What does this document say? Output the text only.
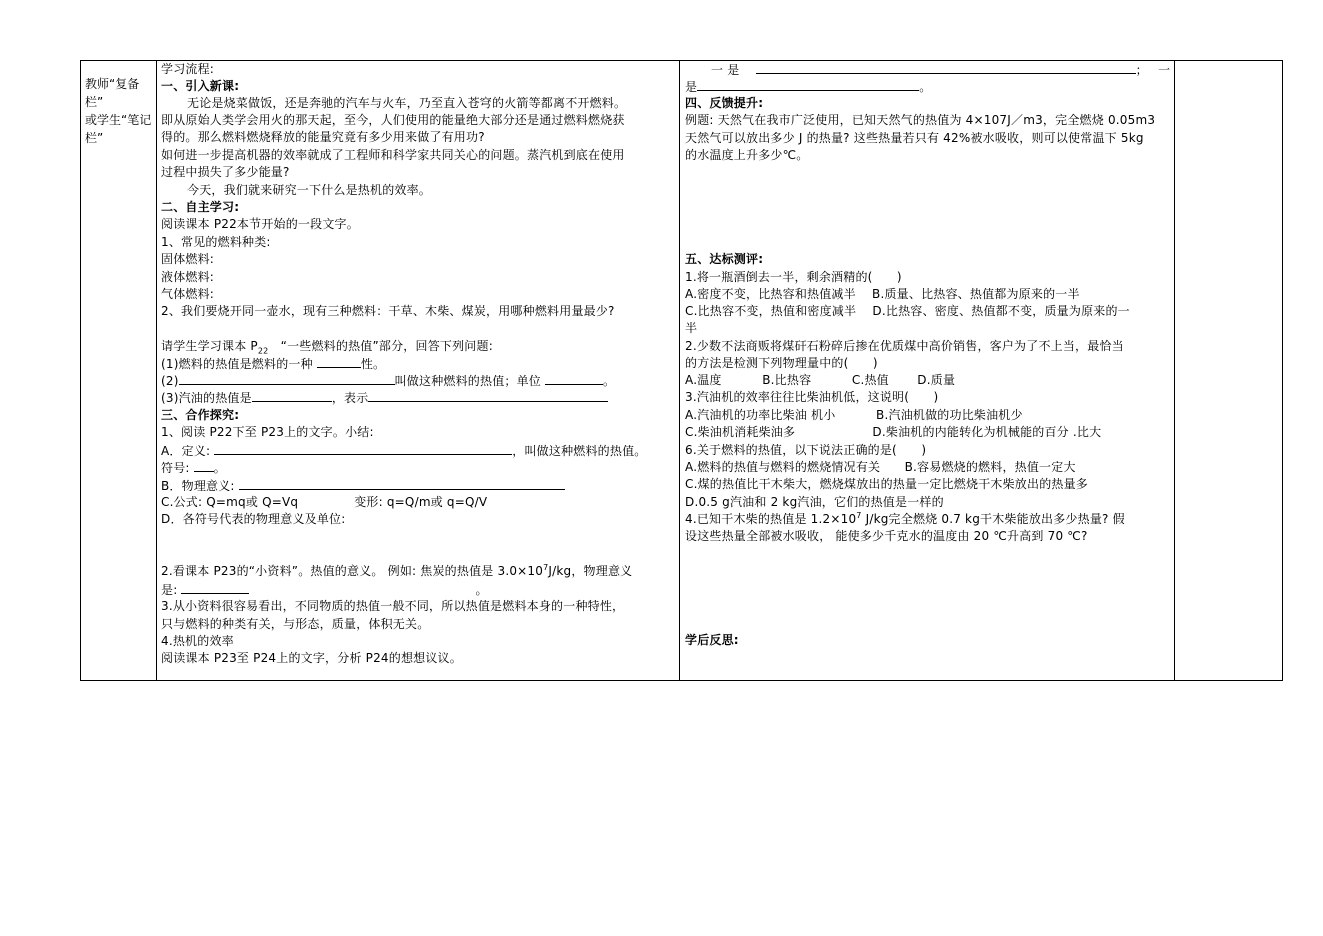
教师“复备栏”
或学生“笔记
栏”
学习流程:
一、引入新课:
无论是烧菜做饭，还是奔驰的汽车与火车，乃至直入苍穹的火箭等都离不开燃料。
即从原始人类学会用火的那天起，至今，人们使用的能量绝大部分还是通过燃料燃烧获
得的。那么燃料燃烧释放的能量究竟有多少用来做了有用功?
如何进一步提高机器的效率就成了工程师和科学家共同关心的问题。蒸汽机到底在使用
过程中损失了多少能量?
今天，我们就来研究一下什么是热机的效率。
二、自主学习:
阅读课本 P22本节开始的一段文字。
1、常见的燃料种类:
固体燃料:
液体燃料:
气体燃料:
2、我们要烧开同一壶水，现有三种燃料：干草、木柴、煤炭，用哪种燃料用量最少?
请学生学习课本 $P_{22}$　 “一些燃料的热值”部分，回答下列问题:
(1)燃料的热值是燃料的一种	性。
(2)	叫做这种燃料的热值；单位	。
(3)汽油的热值是	，表示
三、合作探究:
1、阅读 P22下至 P23上的文字。小结:
A．定义:	，叫做这种燃料的热值。
符号: 。
B．物理意义:
C.公式: Q=mq或 Q=Vq	变形: q=Q/m或 q=Q/V
D．各符号代表的物理意义及单位:
2.看课本 P23的“小资料”。热值的意义。 例如: 焦炭的热值是 $3.0\times 10^7J/kg$，物理意义
是:	。
3.从小资料很容易看出，不同物质的热值一般不同，所以热值是燃料本身的一种特性，
只与燃料的种类有关，与形态，质量，体积无关。
4.热机的效率
阅读课本 P23至 P24上的文字，分析 P24的想想议议。
一 是　	；　 一
是	。
四、反馈提升:
例题: 天然气在我市广泛使用，已知天然气的热值为 4×107J／m3，完全燃烧 0.05m3
天然气可以放出多少 J 的热量? 这些热量若只有 42%被水吸收，则可以使常温下 5kg
的水温度上升多少℃。
五、达标测评:
1.将一瓶酒倒去一半，剩余酒精的(　　)
A.密度不变，比热容和热值减半　 B.质量、比热容、热值都为原来的一半
C.比热容不变，热值和密度减半　 D.比热容、密度、热值都不变，质量为原来的一
半
2.少数不法商贩将煤矸石粉碎后掺在优质煤中高价销售，客户为了不上当，最恰当
的方法是检测下列物理量中的(　　)
A.温度　　　 B.比热容　　　 C.热值　　 D.质量
3.汽油机的效率往往比柴油机低，这说明(　　)
A.汽油机的功率比柴油 机小　　　 B.汽油机做的功比柴油机少
C.柴油机消耗柴油多　　　　　　 D.柴油机的内能转化为机械能的百分 .比大
6.关于燃料的热值，以下说法正确的是(　　)
A.燃料的热值与燃料的燃烧情况有关　　B.容易燃烧的燃料，热值一定大
C.煤的热值比干木柴大，燃烧煤放出的热量一定比燃烧干木柴放出的热量多
D.0.5 g汽油和 2 kg汽油，它们的热值是一样的
4.已知干木柴的热值是 $1.2\times 10^7$ J/kg完全燃烧 0.7 kg干木柴能放出多少热量? 假
设这些热量全部被水吸收， 能使多少千克水的温度由 20 ℃升高到 70 ℃?
学后反思:
